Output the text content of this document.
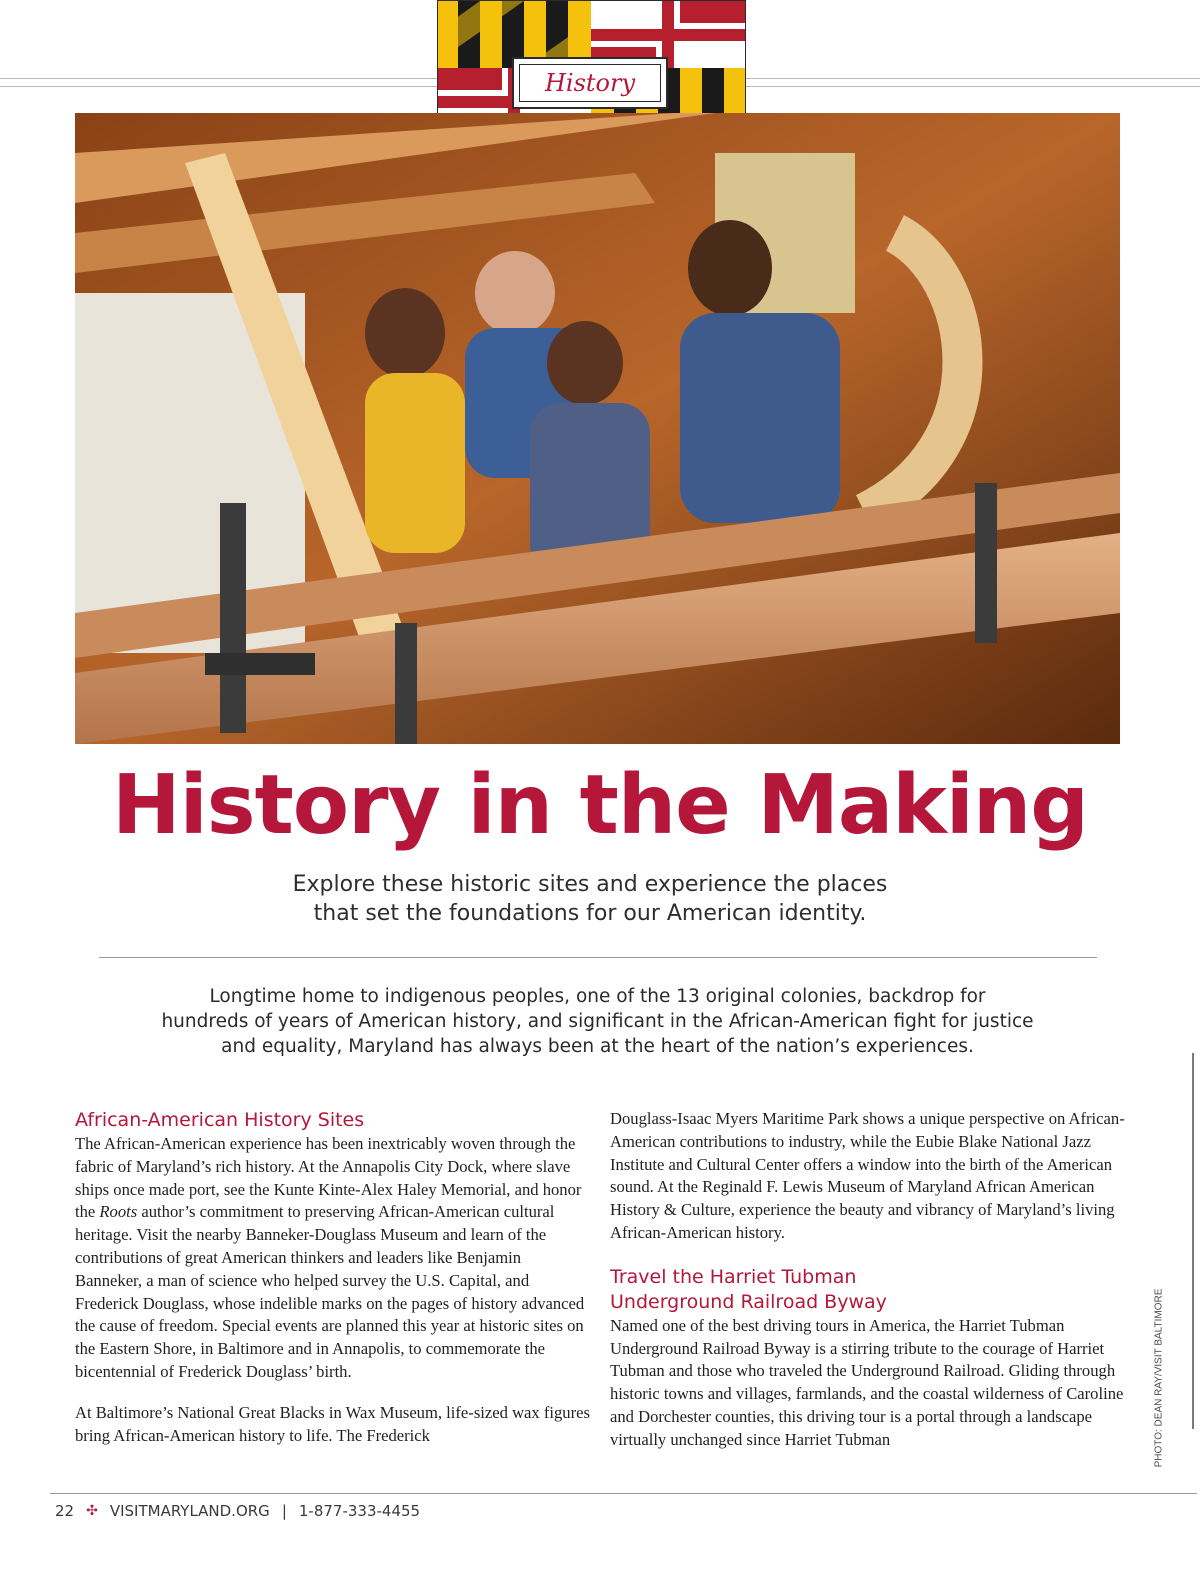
History
History in the Making
Explore these historic sites and experience the places
that set the foundations for our American identity.
Longtime home to indigenous peoples, one of the 13 original colonies, backdrop for
hundreds of years of American history, and significant in the African-American fight for justice
and equality, Maryland has always been at the heart of the nation’s experiences.
African-American History Sites

The African-American experience has been inextricably woven through the fabric of Maryland’s rich history. At the Annapolis City Dock, where slave ships once made port, see the Kunte Kinte-Alex Haley Memorial, and honor the Roots author’s commitment to preserving African-American cultural heritage. Visit the nearby Banneker-Douglass Museum and learn of the contributions of great American thinkers and leaders like Benjamin Banneker, a man of science who helped survey the U.S. Capital, and Frederick Douglass, whose indelible marks on the pages of history advanced the cause of freedom. Special events are planned this year at historic sites on the Eastern Shore, in Baltimore and in Annapolis, to commemorate the bicentennial of Frederick Douglass’ birth.

At Baltimore’s National Great Blacks in Wax Museum, life-sized wax figures bring African-American history to life. The Frederick

Douglass-Isaac Myers Maritime Park shows a unique perspective on African-American contributions to industry, while the Eubie Blake National Jazz Institute and Cultural Center offers a window into the birth of the American sound. At the Reginald F. Lewis Museum of Maryland African American History & Culture, experience the beauty and vibrancy of Maryland’s living African-American history.

Travel the Harriet Tubman
Underground Railroad Byway

Named one of the best driving tours in America, the Harriet Tubman Underground Railroad Byway is a stirring tribute to the courage of Harriet Tubman and those who traveled the Underground Railroad. Gliding through historic towns and villages, farmlands, and the coastal wilderness of Caroline and Dorchester counties, this driving tour is a portal through a landscape virtually unchanged since Harriet Tubman	PHOTO: DEAN RAY/VISIT BALTIMORE
22 ✣ VISITMARYLAND.ORG | 1-877-333-4455
